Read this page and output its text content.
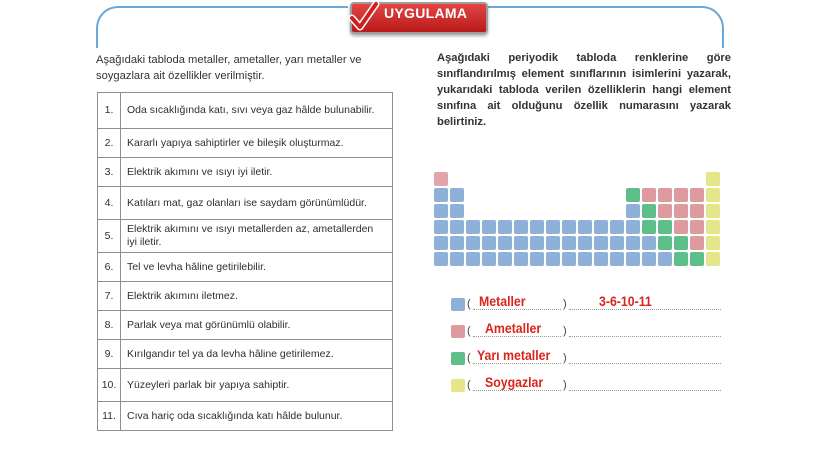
UYGULAMA
Aşağıdaki tabloda metaller, ametaller, yarı metaller ve soygazlara ait özellikler verilmiştir.
1.	Oda sıcaklığında katı, sıvı veya gaz hâlde bulunabilir.
2.	Kararlı yapıya sahiptirler ve bileşik oluşturmaz.
3.	Elektrik akımını ve ısıyı iyi iletir.
4.	Katıları mat, gaz olanları ise saydam görünümlüdür.
5.	Elektrik akımını ve ısıyı metallerden az, ametallerden iyi iletir.
6.	Tel ve levha hâline getirilebilir.
7.	Elektrik akımını iletmez.
8.	Parlak veya mat görünümlü olabilir.
9.	Kırılgandır tel ya da levha hâline getirilemez.
10.	Yüzeyleri parlak bir yapıya sahiptir.
11.	Cıva hariç oda sıcaklığında katı hâlde bulunur.
Aşağıdaki periyodik tabloda renklerine göre sınıflandırılmış element sınıflarının isimlerini yazarak, yukarıdaki tabloda verilen özelliklerin hangi element sınıfına ait olduğunu özellik numarasını yazarak belirtiniz.
( Metaller	) 3-6-10-11
( Ametaller )
( Yarı metaller )
( Soygazlar )
